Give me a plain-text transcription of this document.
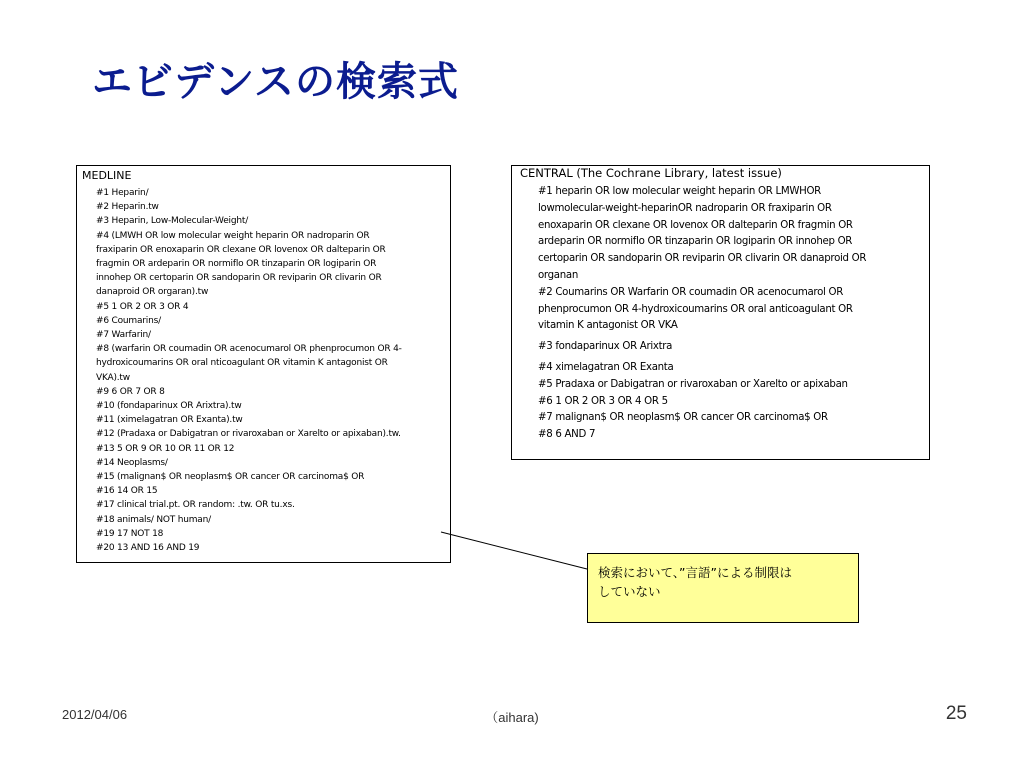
エビデンスの検索式
MEDLINE
#1 Heparin/
#2 Heparin.tw
#3 Heparin, Low-Molecular-Weight/
#4 (LMWH OR low molecular weight heparin OR nadroparin OR
fraxiparin OR enoxaparin OR clexane OR lovenox OR dalteparin OR
fragmin OR ardeparin OR normiflo OR tinzaparin OR logiparin OR
innohep OR certoparin OR sandoparin OR reviparin OR clivarin OR
danaproid OR orgaran).tw
#5 1 OR 2 OR 3 OR 4
#6 Coumarins/
#7 Warfarin/
#8 (warfarin OR coumadin OR acenocumarol OR phenprocumon OR 4-
hydroxicoumarins OR oral nticoagulant OR vitamin K antagonist OR
VKA).tw
#9 6 OR 7 OR 8
#10 (fondaparinux OR Arixtra).tw
#11 (ximelagatran OR Exanta).tw
#12 (Pradaxa or Dabigatran or rivaroxaban or Xarelto or apixaban).tw.
#13 5 OR 9 OR 10 OR 11 OR 12
#14 Neoplasms/
#15 (malignan$ OR neoplasm$ OR cancer OR carcinoma$ OR
#16 14 OR 15
#17 clinical trial.pt. OR random: .tw. OR tu.xs.
#18 animals/ NOT human/
#19 17 NOT 18
#20 13 AND 16 AND 19
CENTRAL (The Cochrane Library, latest issue)
#1 heparin OR low molecular weight heparin OR LMWHOR
lowmolecular-weight-heparinOR nadroparin OR fraxiparin OR
enoxaparin OR clexane OR lovenox OR dalteparin OR fragmin OR
ardeparin OR normiflo OR tinzaparin OR logiparin OR innohep OR
certoparin OR sandoparin OR reviparin OR clivarin OR danaproid OR
organan
#2 Coumarins OR Warfarin OR coumadin OR acenocumarol OR
phenprocumon OR 4-hydroxicoumarins OR oral anticoagulant OR
vitamin K antagonist OR VKA
#3 fondaparinux OR Arixtra
#4 ximelagatran OR Exanta
#5 Pradaxa or Dabigatran or rivaroxaban or Xarelto or apixaban
#6 1 OR 2 OR 3 OR 4 OR 5
#7 malignan$ OR neoplasm$ OR cancer OR carcinoma$ OR
#8 6 AND 7
検索において、”言語”による制限は
していない
2012/04/06	（aihara)	25
